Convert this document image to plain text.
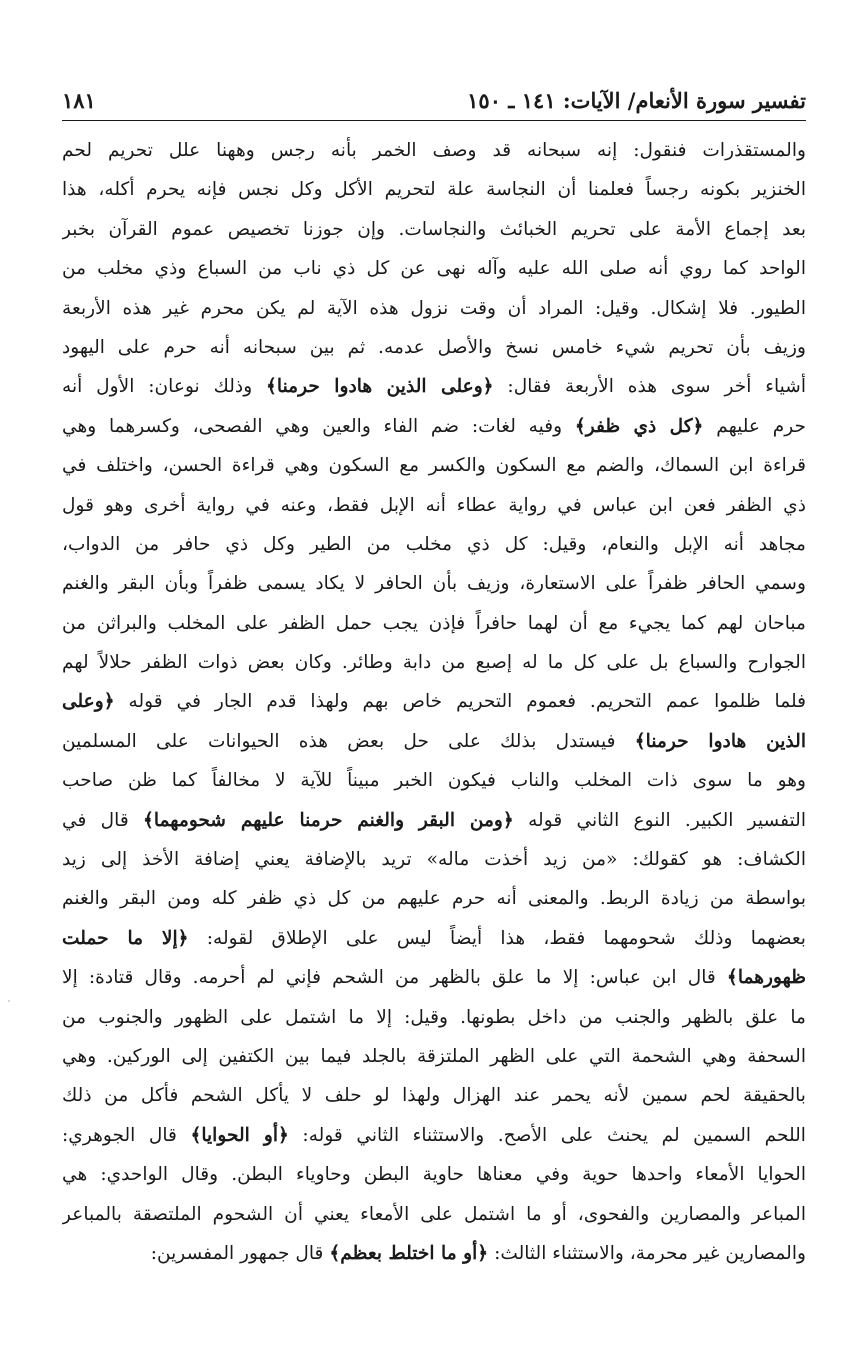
تفسير سورة الأنعام/ الآيات: ١٤١ ـ ١٥٠
١٨١
والمستقذرات فنقول: إنه سبحانه قد وصف الخمر بأنه رجس وههنا علل تحريم لحم
الخنزير بكونه رجساً فعلمنا أن النجاسة علة لتحريم الأكل وكل نجس فإنه يحرم أكله، هذا
بعد إجماع الأمة على تحريم الخبائث والنجاسات. وإن جوزنا تخصيص عموم القرآن بخبر
الواحد كما روي أنه صلى الله عليه وآله نهى عن كل ذي ناب من السباع وذي مخلب من
الطيور. فلا إشكال. وقيل: المراد أن وقت نزول هذه الآية لم يكن محرم غير هذه الأربعة
وزيف بأن تحريم شيء خامس نسخ والأصل عدمه. ثم بين سبحانه أنه حرم على اليهود
أشياء أخر سوى هذه الأربعة فقال: ﴿وعلى الذين هادوا حرمنا﴾ وذلك نوعان: الأول أنه
حرم عليهم ﴿كل ذي ظفر﴾ وفيه لغات: ضم الفاء والعين وهي الفصحى، وكسرهما وهي
قراءة ابن السماك، والضم مع السكون والكسر مع السكون وهي قراءة الحسن، واختلف في
ذي الظفر فعن ابن عباس في رواية عطاء أنه الإبل فقط، وعنه في رواية أخرى وهو قول
مجاهد أنه الإبل والنعام، وقيل: كل ذي مخلب من الطير وكل ذي حافر من الدواب،
وسمي الحافر ظفراً على الاستعارة، وزيف بأن الحافر لا يكاد يسمى ظفراً وبأن البقر والغنم
مباحان لهم كما يجيء مع أن لهما حافراً فإذن يجب حمل الظفر على المخلب والبراثن من
الجوارح والسباع بل على كل ما له إصبع من دابة وطائر. وكان بعض ذوات الظفر حلالاً لهم
فلما ظلموا عمم التحريم. فعموم التحريم خاص بهم ولهذا قدم الجار في قوله ﴿وعلى
الذين هادوا حرمنا﴾ فيستدل بذلك على حل بعض هذه الحيوانات على المسلمين
وهو ما سوى ذات المخلب والناب فيكون الخبر مبيناً للآية لا مخالفاً كما ظن صاحب
التفسير الكبير. النوع الثاني قوله ﴿ومن البقر والغنم حرمنا عليهم شحومهما﴾ قال في
الكشاف: هو كقولك: «من زيد أخذت ماله» تريد بالإضافة يعني إضافة الأخذ إلى زيد
بواسطة من زيادة الربط. والمعنى أنه حرم عليهم من كل ذي ظفر كله ومن البقر والغنم
بعضهما وذلك شحومهما فقط، هذا أيضاً ليس على الإطلاق لقوله: ﴿إلا ما حملت
ظهورهما﴾ قال ابن عباس: إلا ما علق بالظهر من الشحم فإني لم أحرمه. وقال قتادة: إلا
ما علق بالظهر والجنب من داخل بطونها. وقيل: إلا ما اشتمل على الظهور والجنوب من
السحفة وهي الشحمة التي على الظهر الملتزقة بالجلد فيما بين الكتفين إلى الوركين. وهي
بالحقيقة لحم سمين لأنه يحمر عند الهزال ولهذا لو حلف لا يأكل الشحم فأكل من ذلك
اللحم السمين لم يحنث على الأصح. والاستثناء الثاني قوله: ﴿أو الحوايا﴾ قال الجوهري:
الحوايا الأمعاء واحدها حوية وفي معناها حاوية البطن وحاوياء البطن. وقال الواحدي: هي
المباعر والمصارين والفحوى، أو ما اشتمل على الأمعاء يعني أن الشحوم الملتصقة بالمباعر
والمصارين غير محرمة، والاستثناء الثالث: ﴿أو ما اختلط بعظم﴾ قال جمهور المفسرين:
